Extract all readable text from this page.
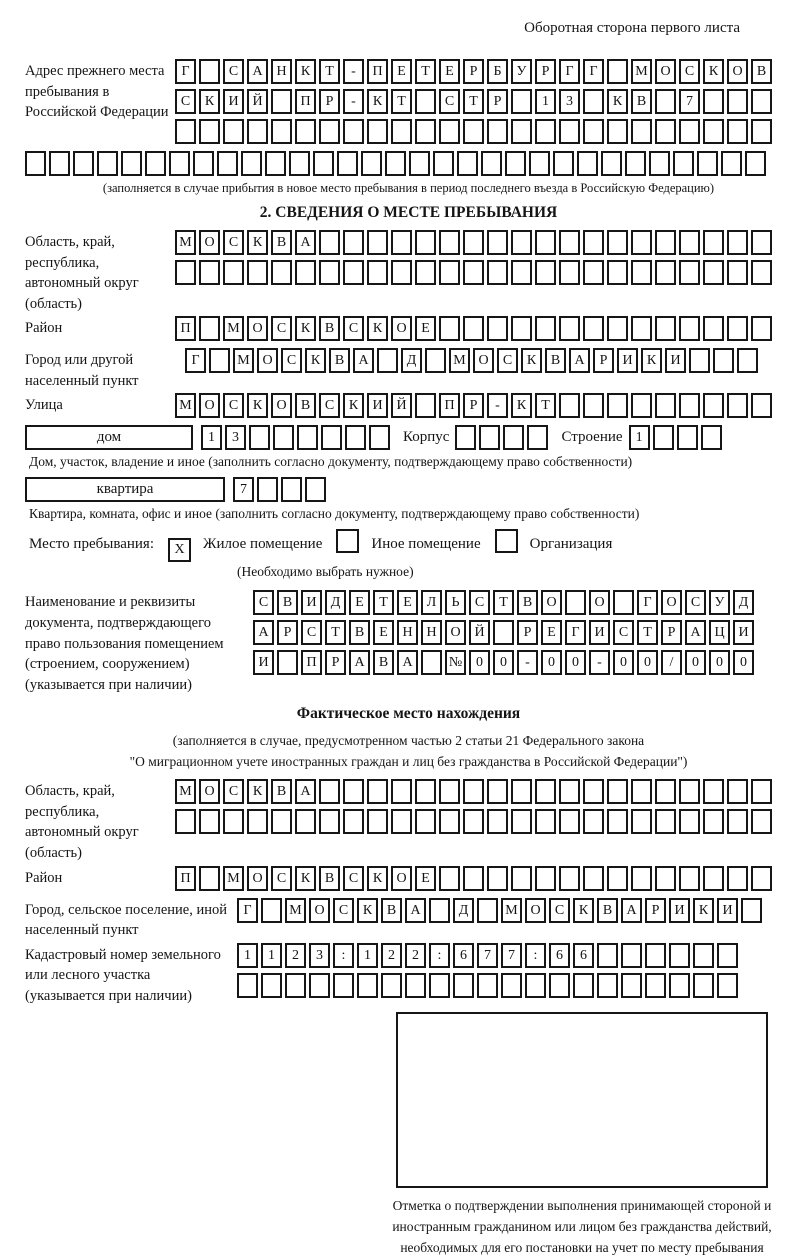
Оборотная сторона первого листа
Адрес прежнего места пребывания в Российской Федерации
Г	С А Н К Т - П Е Т Е Р Б У Р Г Г	М О С К О В
С К И Й	П Р - К Т	С Т Р	1 3	К В	7
(заполняется в случае прибытия в новое место пребывания в период последнего въезда в Российскую Федерацию)
2. СВЕДЕНИЯ О МЕСТЕ ПРЕБЫВАНИЯ
Область, край, республика, автономный округ (область)
М О С К В А
Район	П	М О С К В С К О Е
Город или другой населенный пункт
Г	М О С К В А	Д	М О С К В А Р И К И
Улица	М О С К О В С К И Й	П Р - К Т
дом	1 3	Корпус	Строение 1
Дом, участок, владение и иное (заполнить согласно документу, подтверждающему право собственности)
квартира	7
Квартира, комната, офис и иное (заполнить согласно документу, подтверждающему право собственности)
Место пребывания: X Жилое помещение	Иное помещение	Организация
(Необходимо выбрать нужное)
Наименование и реквизиты документа, подтверждающего право пользования помещением (строением, сооружением) (указывается при наличии)
С В И Д Е Т Е Л Ь С Т В О	О	Г О С У Д
А Р С Т В Е Н Н О Й	Р Е Г И С Т Р А Ц И
И	П Р А В А	№ 0 0 - 0 0 - 0 0 / 0 0 0
Фактическое место нахождения
(заполняется в случае, предусмотренном частью 2 статьи 21 Федерального закона
"О миграционном учете иностранных граждан и лиц без гражданства в Российской Федерации")
Область, край, республика, автономный округ (область)
М О С К В А
Район	П	М О С К В С К О Е
Город, сельское поселение, иной населенный пункт
Г	М О С К В А	Д	М О С К В А Р И К И
Кадастровый номер земельного или лесного участка (указывается при наличии)
1 1 2 3 : 1 2 2 : 6 7 7 : 6 6
Отметка о подтверждении выполнения принимающей стороной и иностранным гражданином или лицом без гражданства действий, необходимых для его постановки на учет по месту пребывания
